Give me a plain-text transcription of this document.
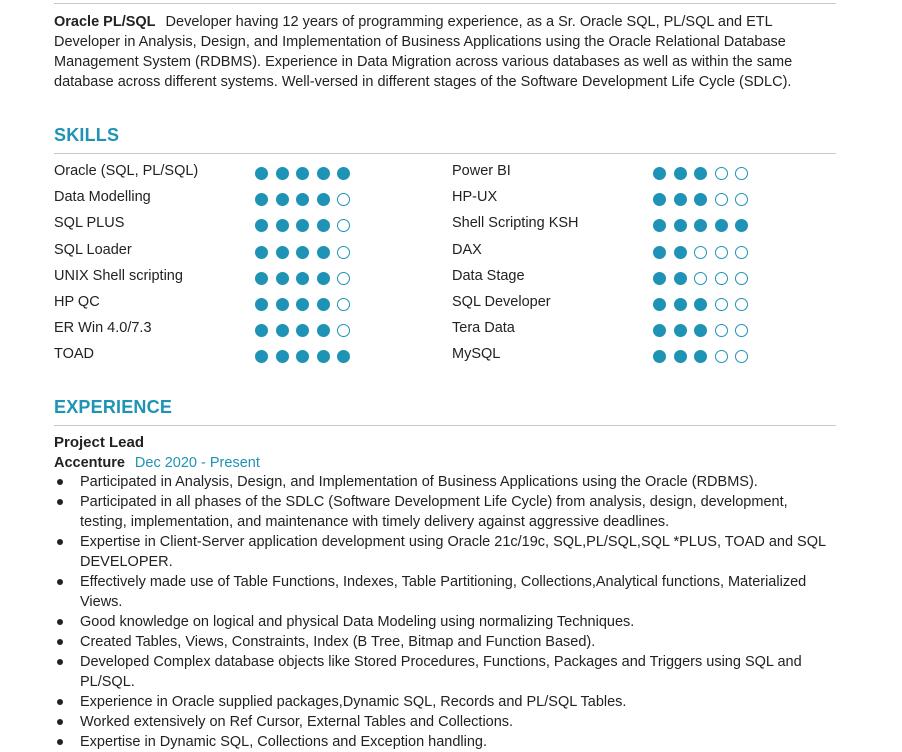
Oracle PL/SQL Developer having 12 years of programming experience, as a Sr. Oracle SQL, PL/SQL and ETL Developer in Analysis, Design, and Implementation of Business Applications using the Oracle Relational Database Management System (RDBMS). Experience in Data Migration across various databases as well as within the same database across different systems. Well-versed in different stages of the Software Development Life Cycle (SDLC).

SKILLS
Oracle (SQL, PL/SQL)
Data Modelling
SQL PLUS
SQL Loader
UNIX Shell scripting
HP QC
ER Win 4.0/7.3
TOAD
Power BI
HP-UX
Shell Scripting KSH
DAX
Data Stage
SQL Developer
Tera Data
MySQL
EXPERIENCE
Project Lead
Accenture Dec 2020 - Present
Participated in Analysis, Design, and Implementation of Business Applications using the Oracle (RDBMS).
Participated in all phases of the SDLC (Software Development Life Cycle) from analysis, design, development, testing, implementation, and maintenance with timely delivery against aggressive deadlines.
Expertise in Client-Server application development using Oracle 21c/19c, SQL,PL/SQL,SQL *PLUS, TOAD and SQL DEVELOPER.
Effectively made use of Table Functions, Indexes, Table Partitioning, Collections,Analytical functions, Materialized Views.
Good knowledge on logical and physical Data Modeling using normalizing Techniques.
Created Tables, Views, Constraints, Index (B Tree, Bitmap and Function Based).
Developed Complex database objects like Stored Procedures, Functions, Packages and Triggers using SQL and PL/SQL.
Experience in Oracle supplied packages,Dynamic SQL, Records and PL/SQL Tables.
Worked extensively on Ref Cursor, External Tables and Collections.
Expertise in Dynamic SQL, Collections and Exception handling.
